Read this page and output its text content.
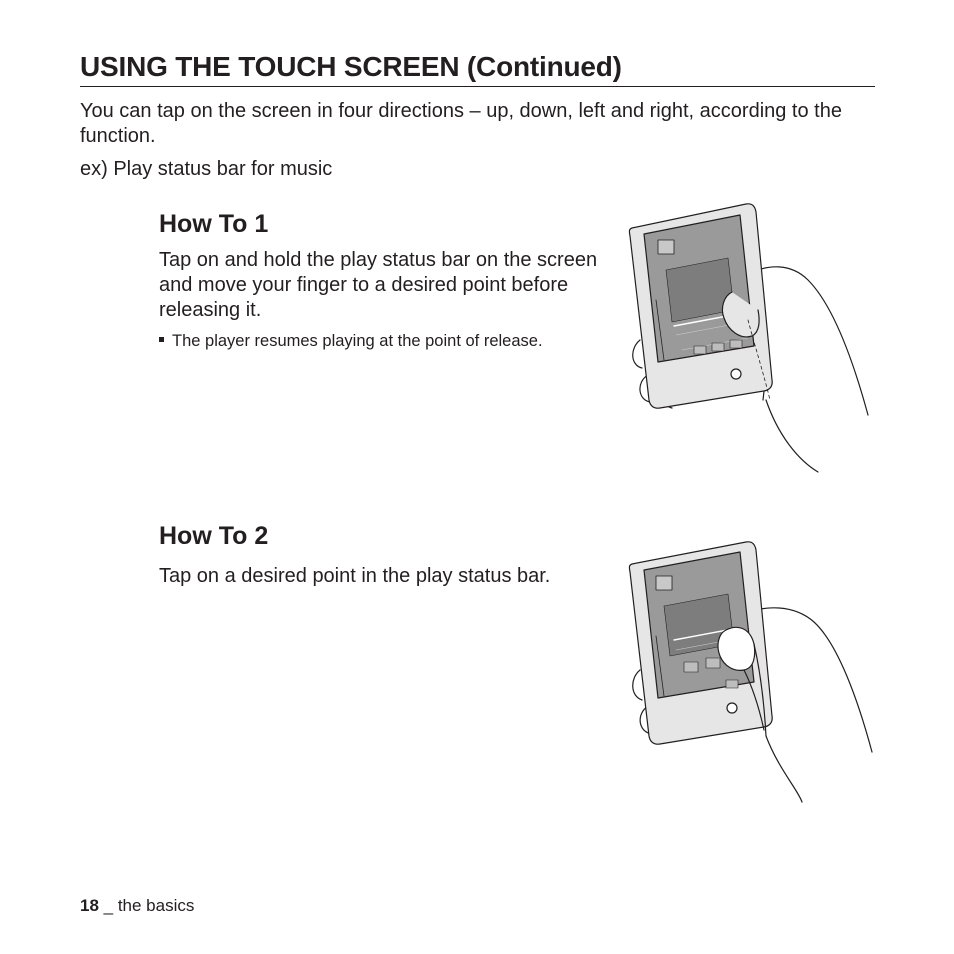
USING THE TOUCH SCREEN (Continued)
You can tap on the screen in four directions – up, down, left and right, according to the function.
ex) Play status bar for music
How To 1
Tap on and hold the play status bar on the screen and move your finger to a desired point before releasing it.
The player resumes playing at the point of release.
How To 2
Tap on a desired point in the play status bar.
18 _ the basics
